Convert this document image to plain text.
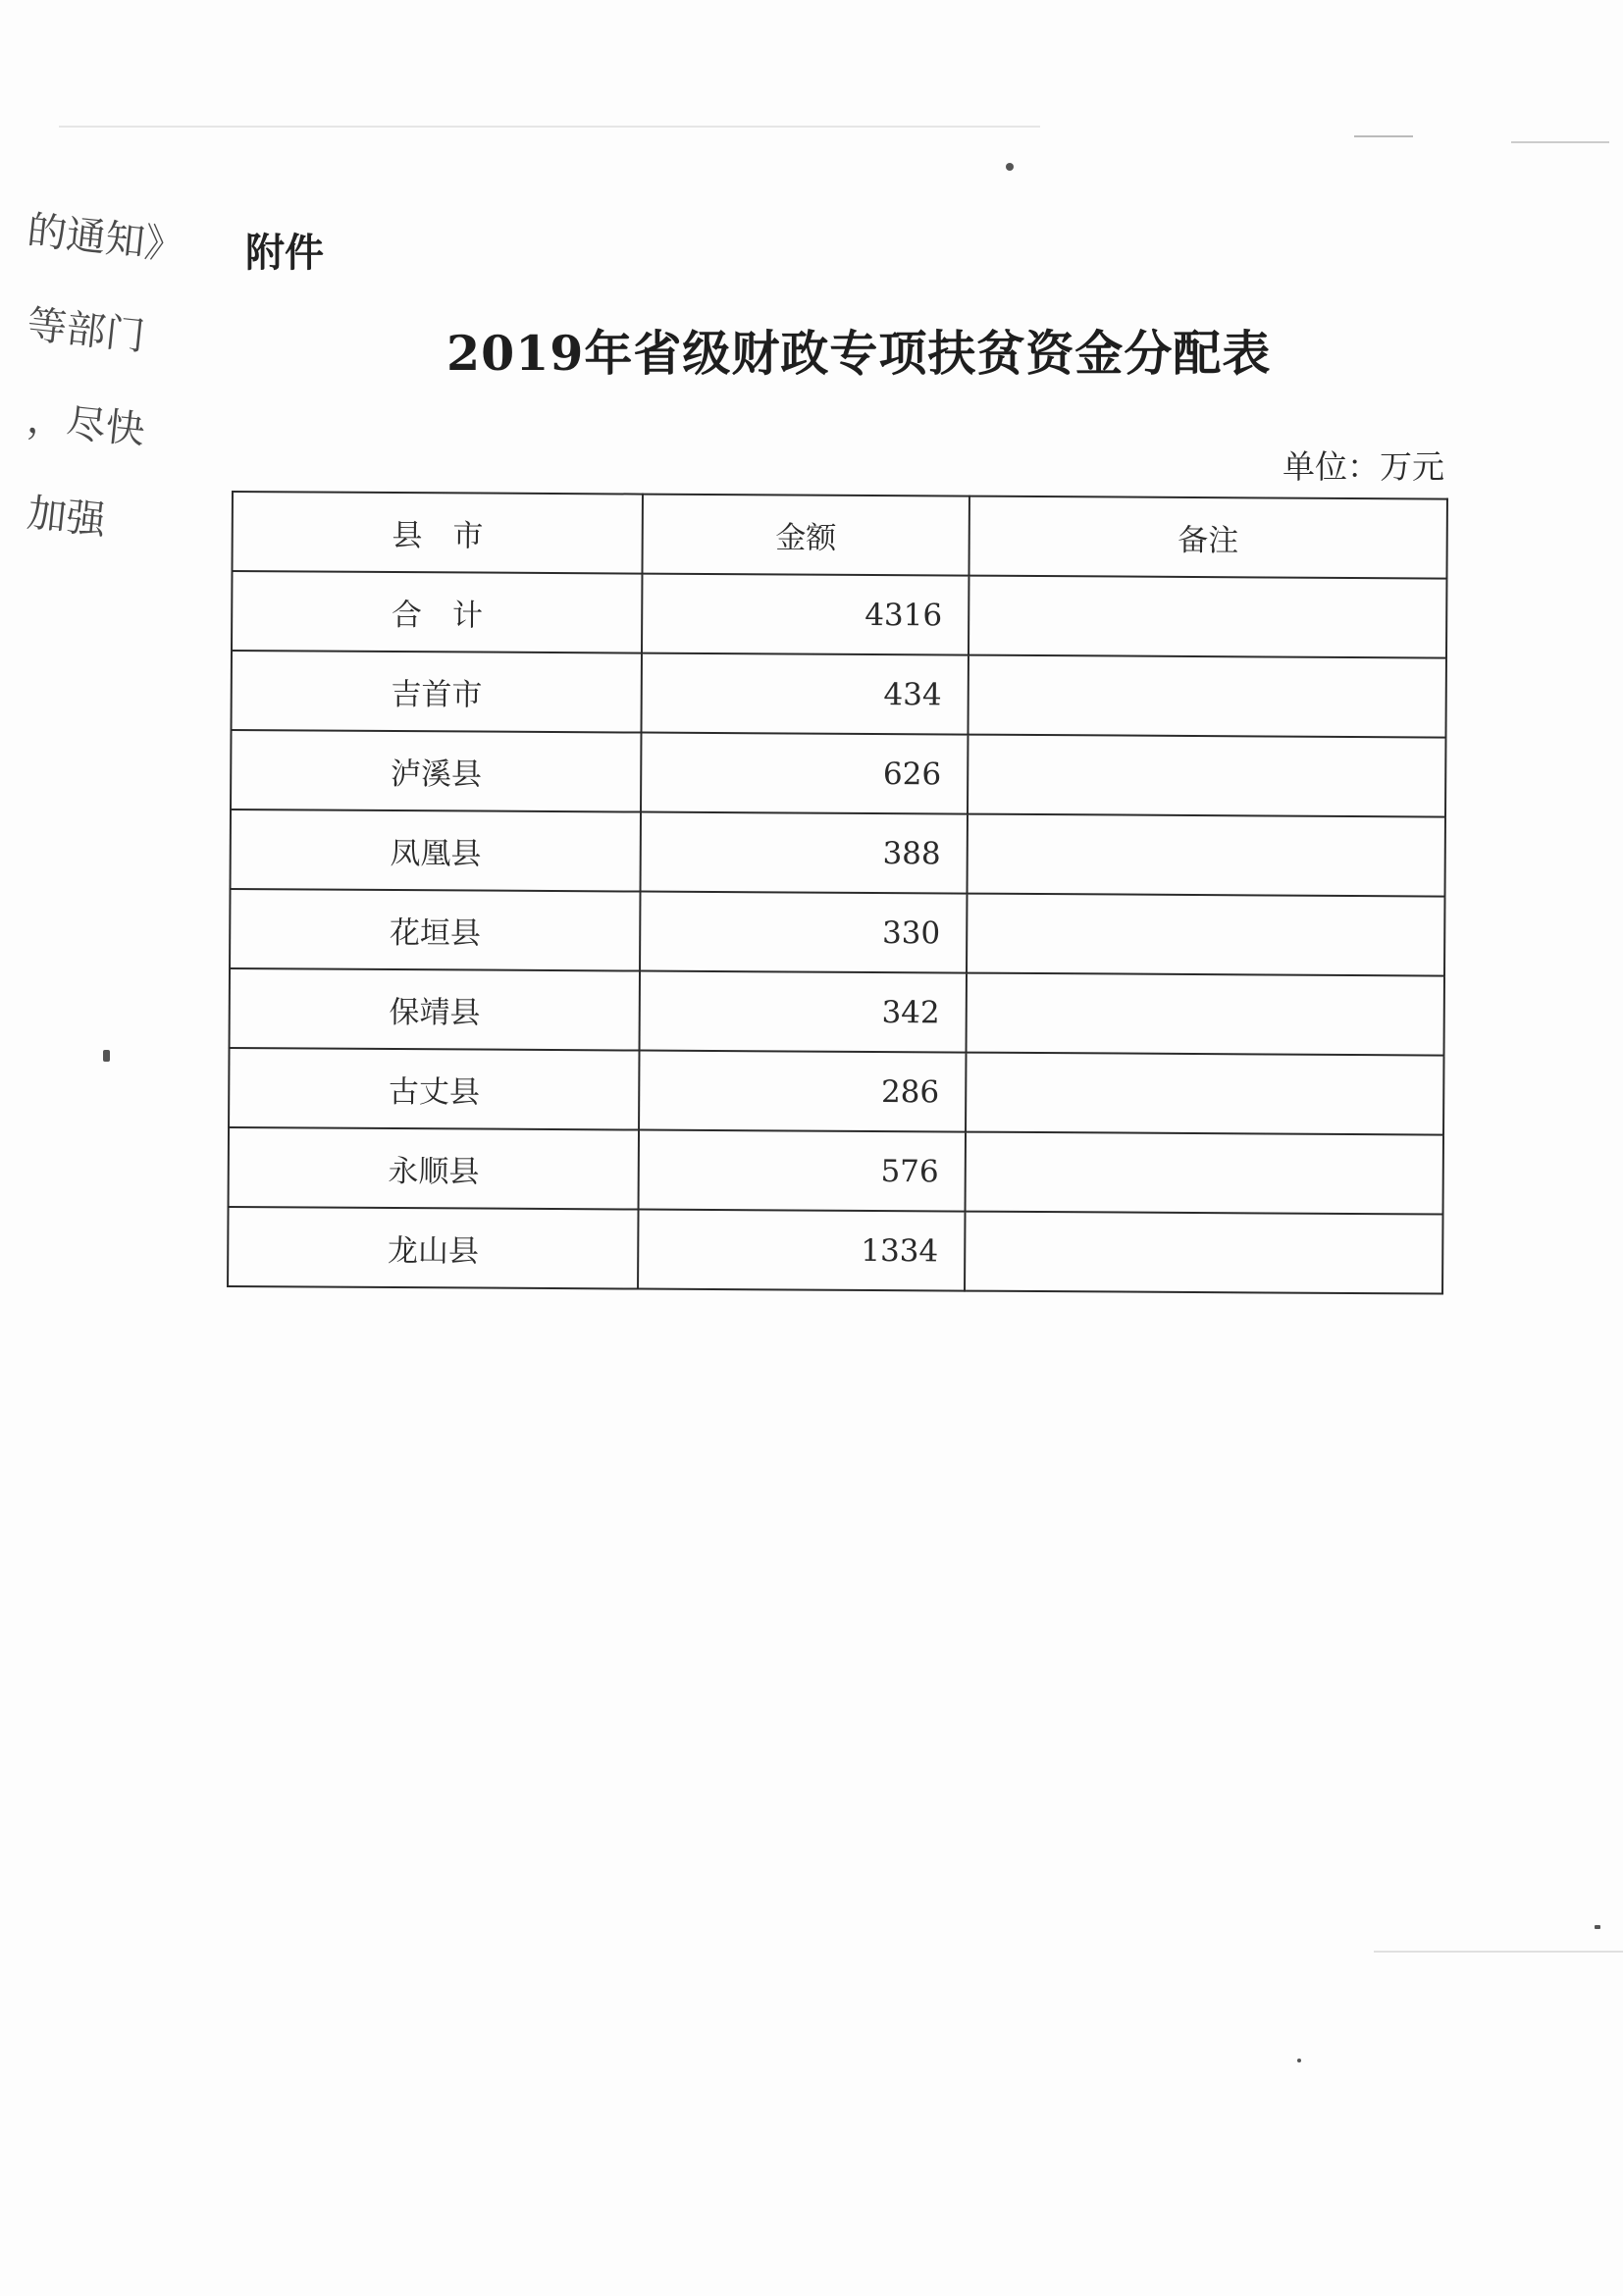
的通知》
等部门
，尽快
加强
附件
2019年省级财政专项扶贫资金分配表
单位：万元
县　市	金额	备注
合　计	4316	
吉首市	434	
泸溪县	626	
凤凰县	388	
花垣县	330	
保靖县	342	
古丈县	286	
永顺县	576	
龙山县	1334	
